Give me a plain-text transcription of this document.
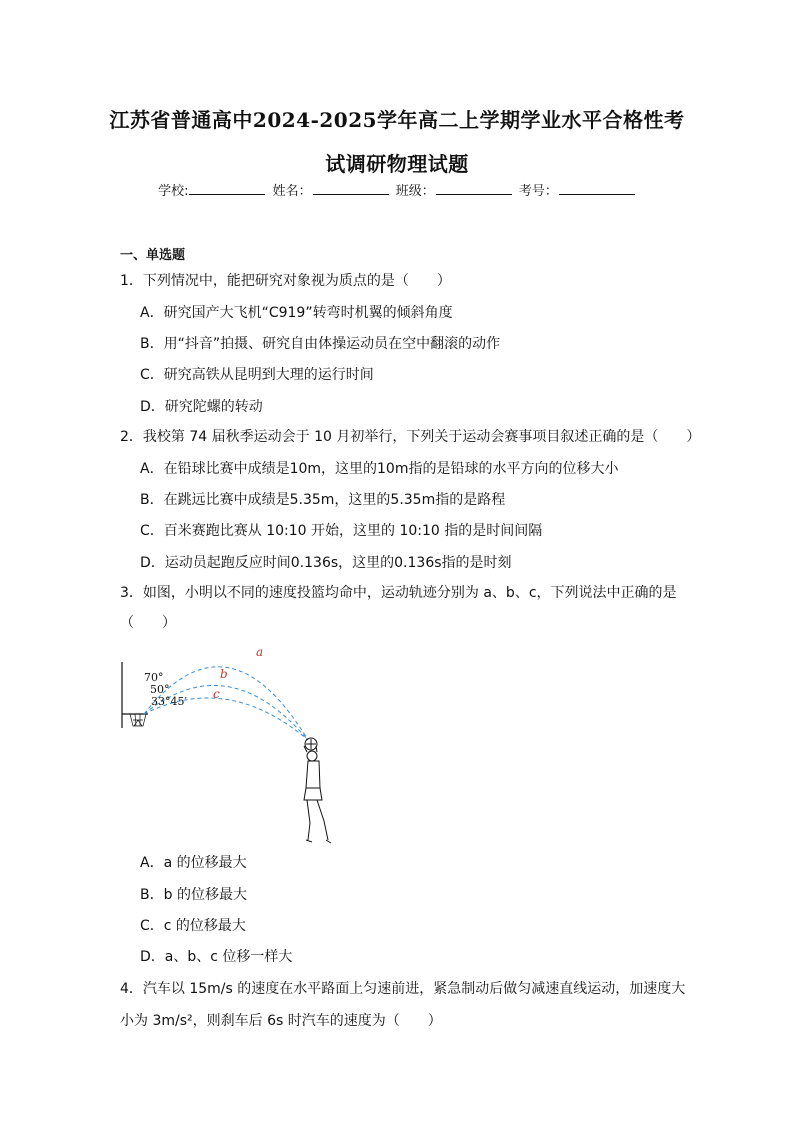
江苏省普通高中2024-2025学年高二上学期学业水平合格性考
试调研物理试题
学校:	姓名：	班级：	考号：
一、单选题
1．下列情况中，能把研究对象视为质点的是（　　）
A．研究国产大飞机“C919”转弯时机翼的倾斜角度
B．用“抖音”拍摄、研究自由体操运动员在空中翻滚的动作
C．研究高铁从昆明到大理的运行时间
D．研究陀螺的转动
2．我校第 74 届秋季运动会于 10 月初举行，下列关于运动会赛事项目叙述正确的是（　　）
A．在铅球比赛中成绩是10m，这里的10m指的是铅球的水平方向的位移大小
B．在跳远比赛中成绩是5.35m，这里的5.35m指的是路程
C．百米赛跑比赛从 10:10 开始，这里的 10:10 指的是时间间隔
D．运动员起跑反应时间0.136s，这里的0.136s指的是时刻
3．如图，小明以不同的速度投篮均命中，运动轨迹分别为 a、b、c，下列说法中正确的是
（　　）
a
b
c
70°
50°
33°45′
A．a 的位移最大
B．b 的位移最大
C．c 的位移最大
D．a、b、c 位移一样大
4．汽车以 15m/s 的速度在水平路面上匀速前进，紧急制动后做匀减速直线运动，加速度大
小为 3m/s²，则刹车后 6s 时汽车的速度为（　　）
